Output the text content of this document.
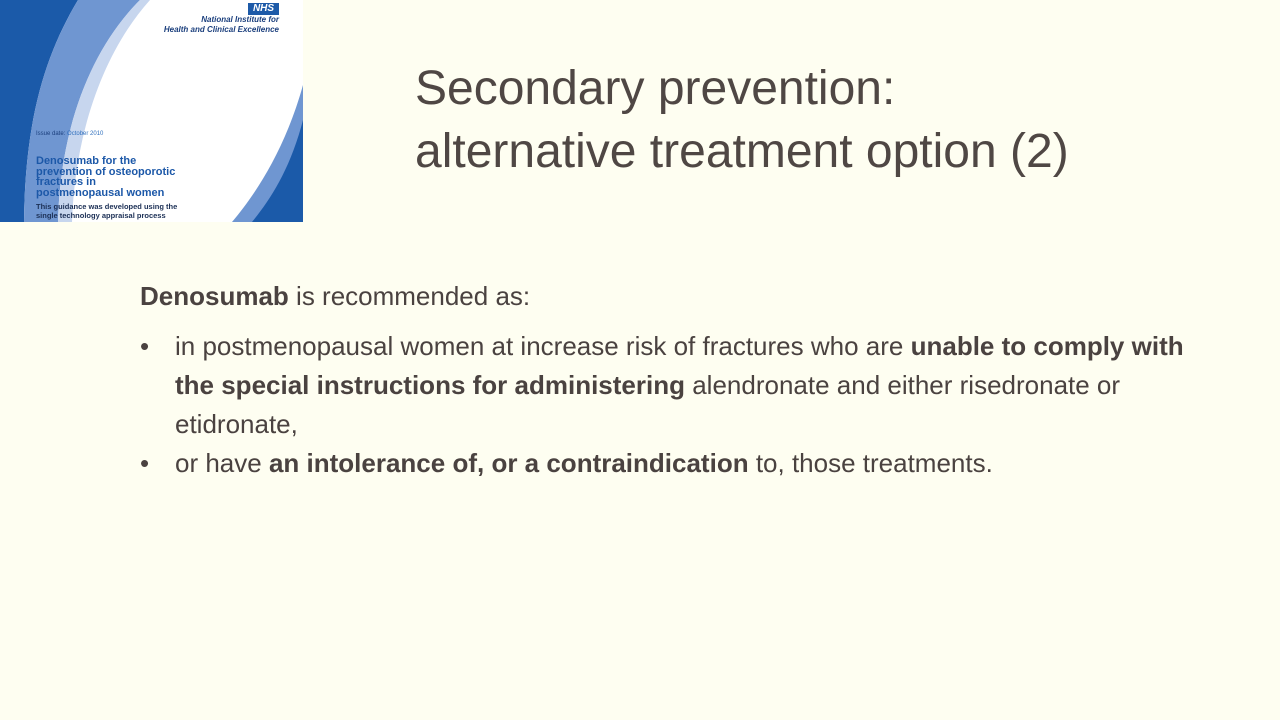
NHS
National Institute for
Health and Clinical Excellence
Issue date: October 2010
Denosumab for the
prevention of osteoporotic
fractures in
postmenopausal women
This guidance was developed using the
single technology appraisal process
Secondary prevention:
alternative treatment option (2)

Denosumab is recommended as:

• in postmenopausal women at increase risk of fractures who are unable to comply with the special instructions for administering alendronate and either risedronate or etidronate,
• or have an intolerance of, or a contraindication to, those treatments.
